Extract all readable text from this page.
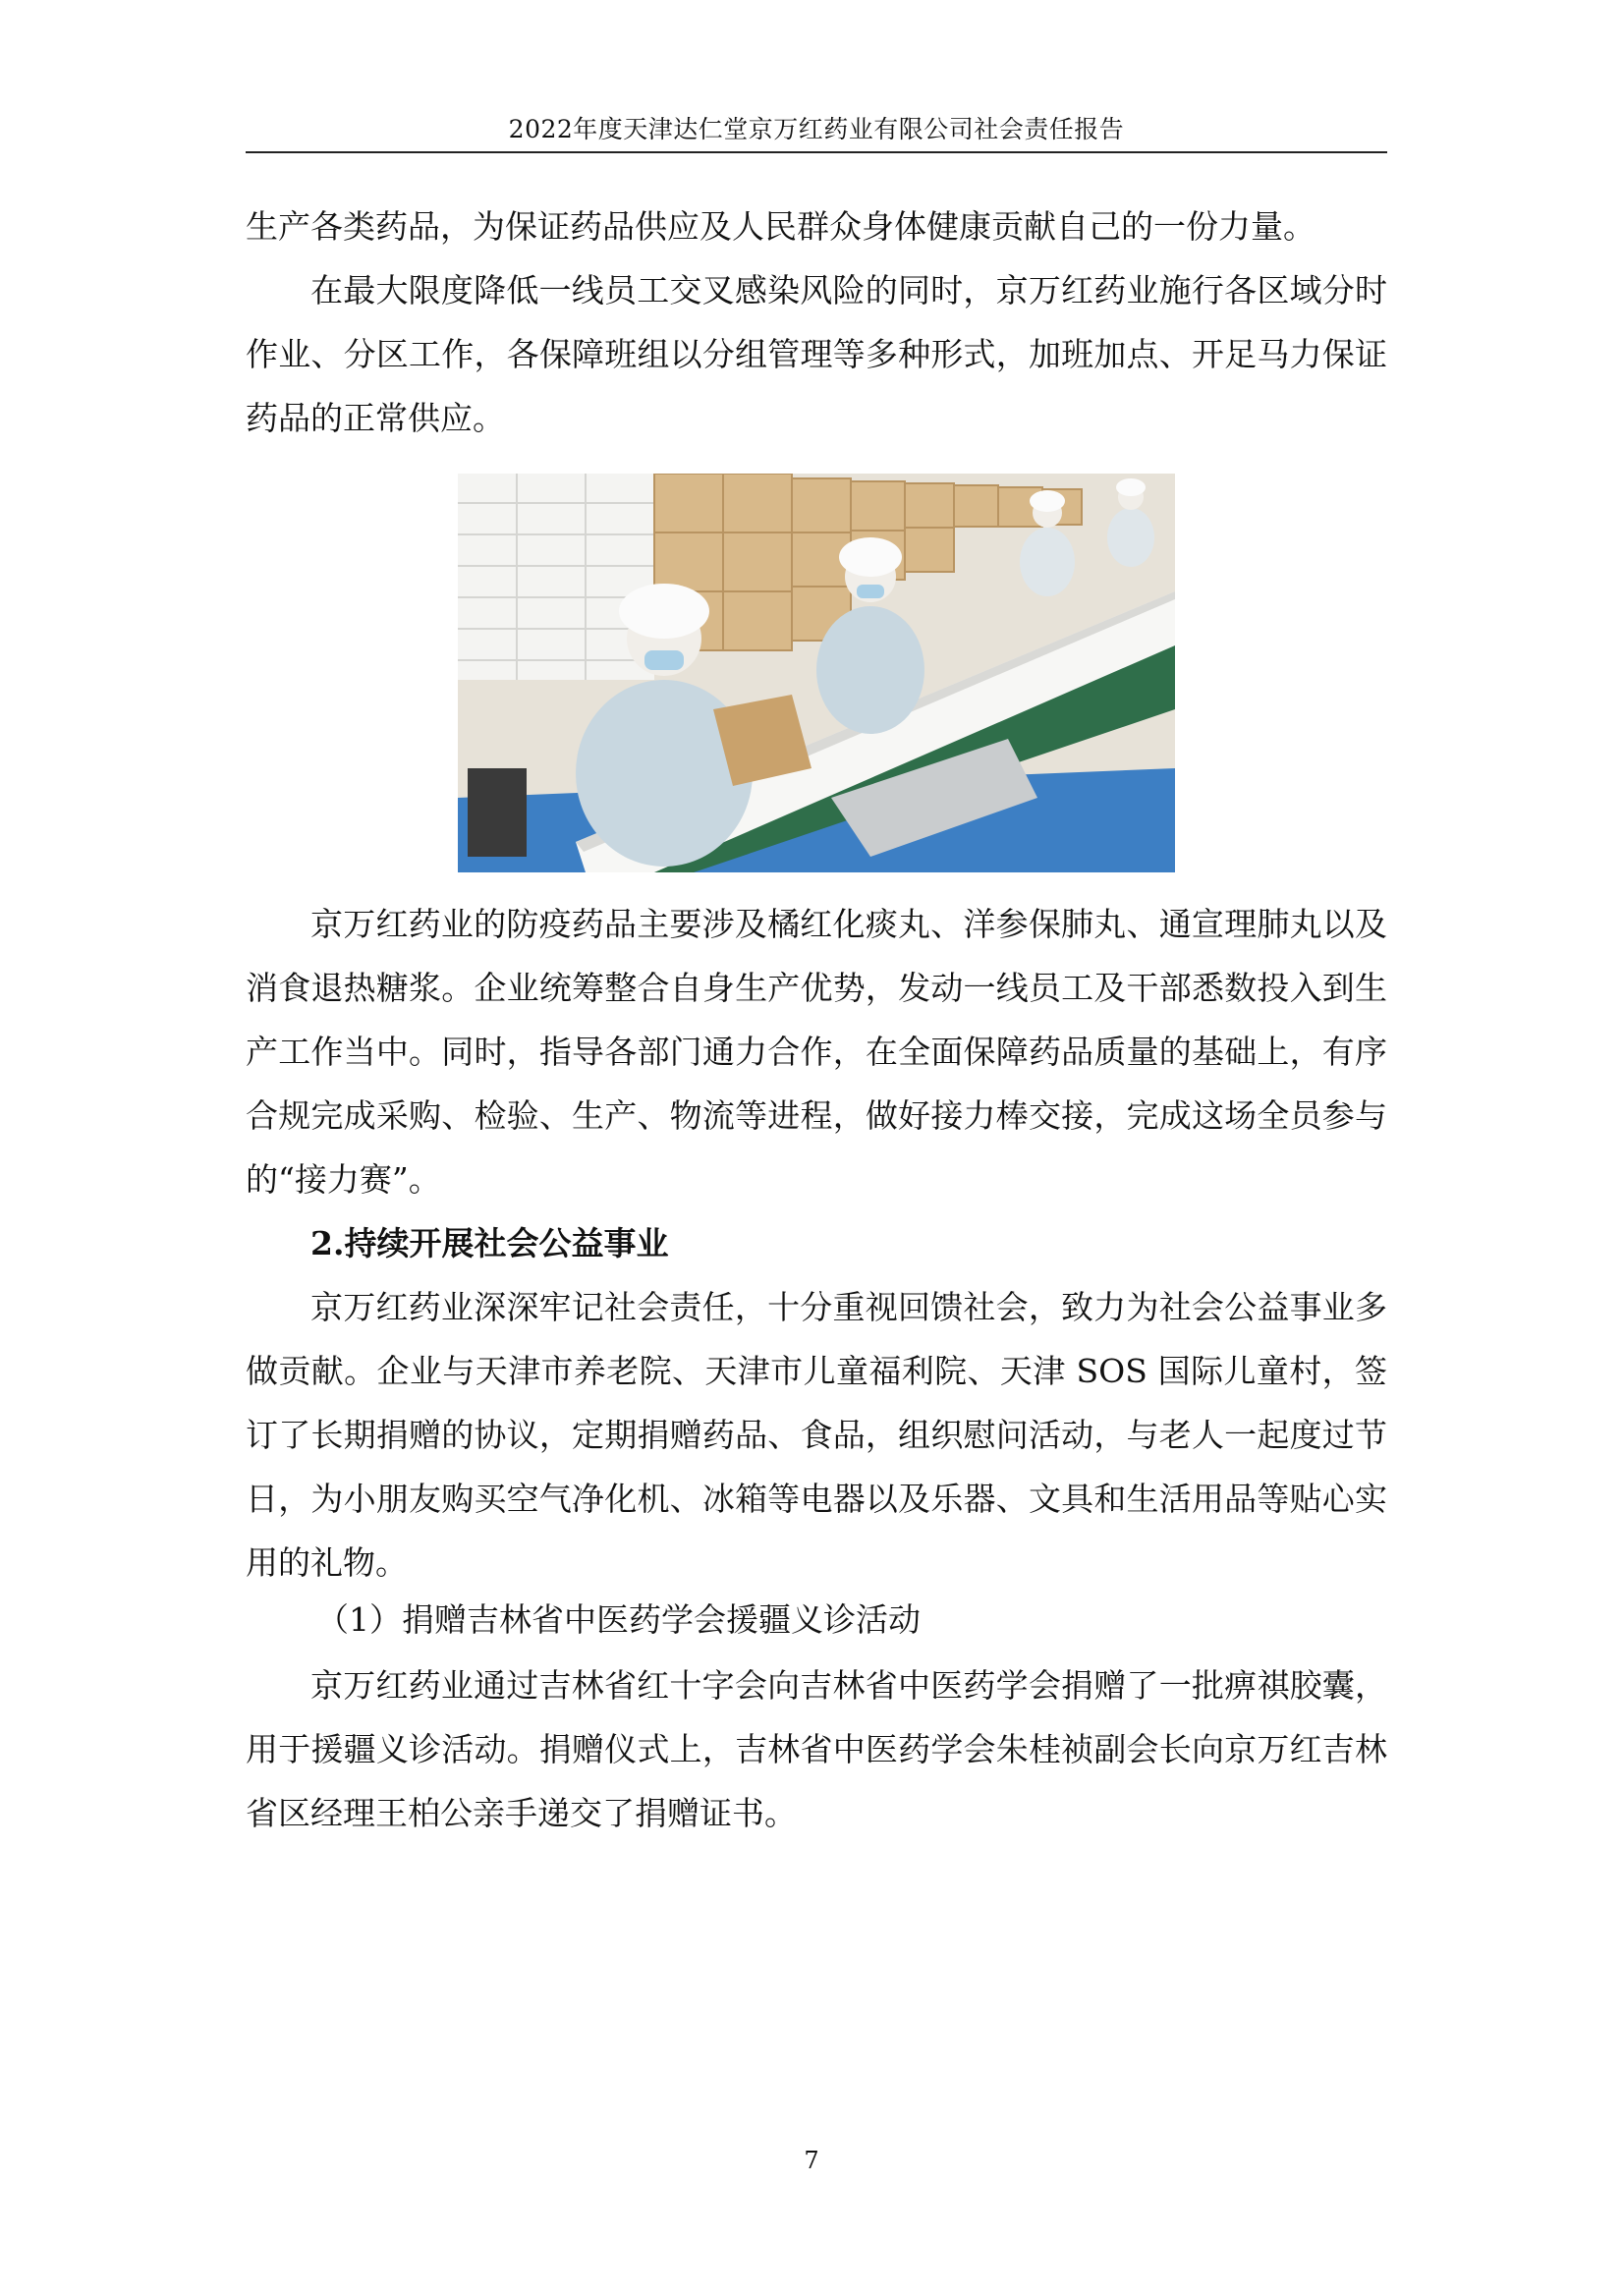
2022年度天津达仁堂京万红药业有限公司社会责任报告

生产各类药品，为保证药品供应及人民群众身体健康贡献自己的一份力量。

在最大限度降低一线员工交叉感染风险的同时，京万红药业施行各区域分时作业、分区工作，各保障班组以分组管理等多种形式，加班加点、开足马力保证药品的正常供应。

京万红药业的防疫药品主要涉及橘红化痰丸、洋参保肺丸、通宣理肺丸以及消食退热糖浆。企业统筹整合自身生产优势，发动一线员工及干部悉数投入到生产工作当中。同时，指导各部门通力合作，在全面保障药品质量的基础上，有序合规完成采购、检验、生产、物流等进程，做好接力棒交接，完成这场全员参与的“接力赛”。

2.持续开展社会公益事业

京万红药业深深牢记社会责任，十分重视回馈社会，致力为社会公益事业多做贡献。企业与天津市养老院、天津市儿童福利院、天津 SOS 国际儿童村，签订了长期捐赠的协议，定期捐赠药品、食品，组织慰问活动，与老人一起度过节日，为小朋友购买空气净化机、冰箱等电器以及乐器、文具和生活用品等贴心实用的礼物。

（1）捐赠吉林省中医药学会援疆义诊活动

京万红药业通过吉林省红十字会向吉林省中医药学会捐赠了一批痹祺胶囊，用于援疆义诊活动。捐赠仪式上，吉林省中医药学会朱桂祯副会长向京万红吉林省区经理王柏公亲手递交了捐赠证书。

7
